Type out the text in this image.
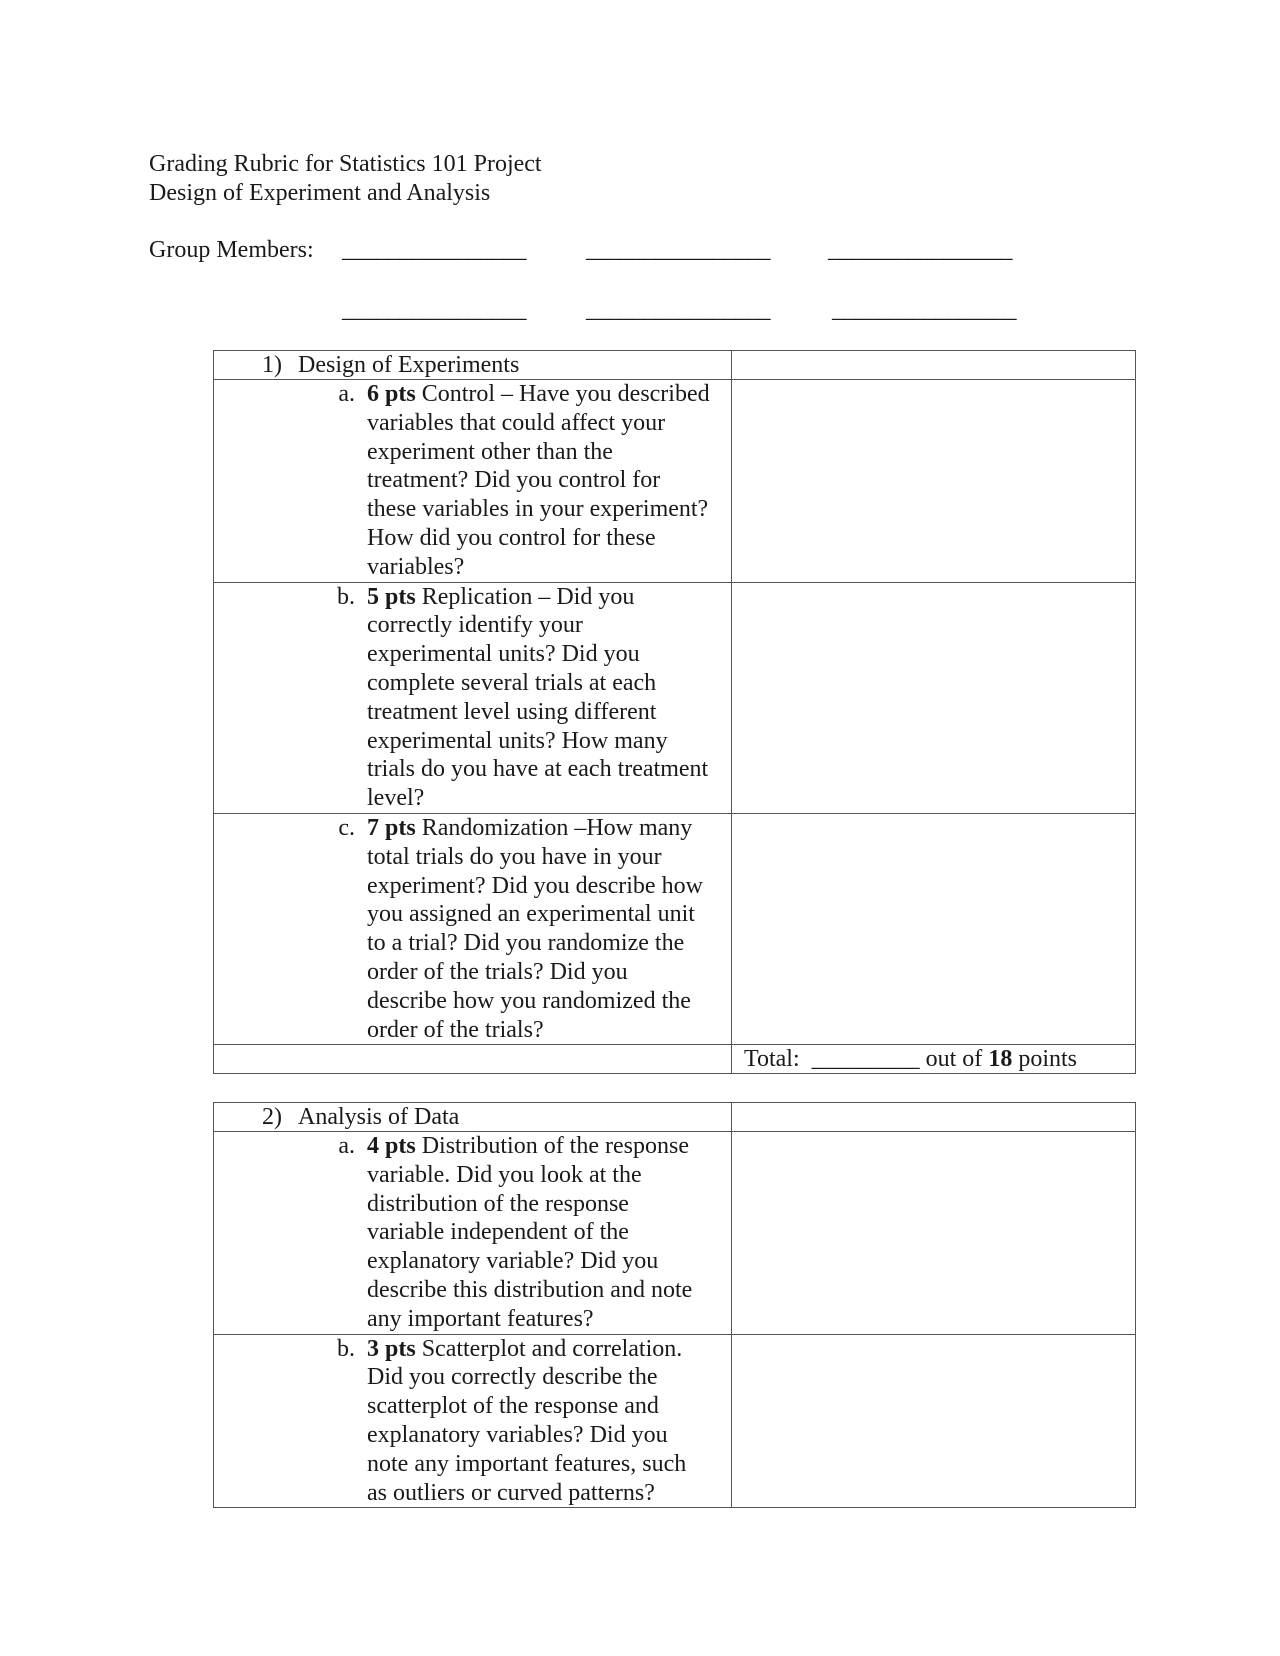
Grading Rubric for Statistics 101 Project
Design of Experiment and Analysis
Group Members: ________________	________________ ________________
________________	________________	________________
1) Design of Experiments	

a. 6 pts Control – Have you described variables that could affect your experiment other than the treatment? Did you control for these variables in your experiment? How did you control for these variables?	

b. 5 pts Replication – Did you correctly identify your experimental units? Did you complete several trials at each treatment level using different experimental units? How many trials do you have at each treatment level?	

c. 7 pts Randomization –How many total trials do you have in your experiment? Did you describe how you assigned an experimental unit to a trial? Did you randomize the order of the trials? Did you describe how you randomized the order of the trials?	

	Total: _________ out of 18 points
2) Analysis of Data	

a. 4 pts Distribution of the response variable. Did you look at the distribution of the response variable independent of the explanatory variable? Did you describe this distribution and note any important features?	

b. 3 pts Scatterplot and correlation. Did you correctly describe the scatterplot of the response and explanatory variables? Did you note any important features, such as outliers or curved patterns?	
